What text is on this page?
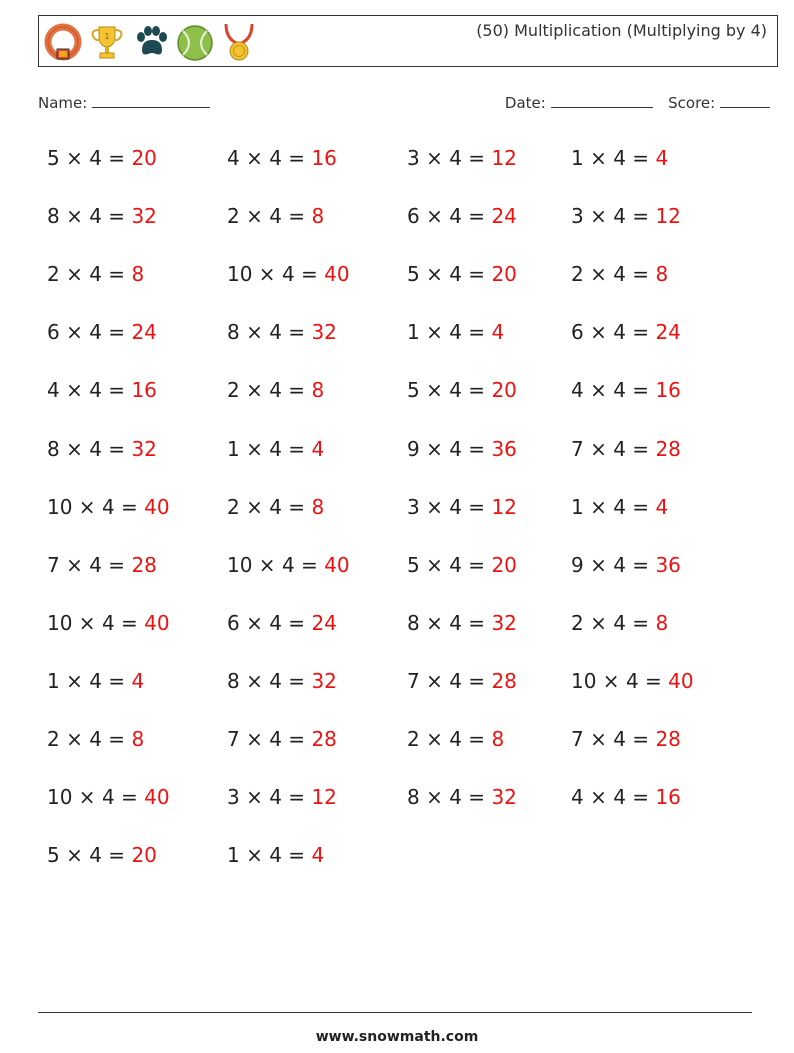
1	(50) Multiplication (Multiplying by 4)
Name:	Date:	Score:
5 × 4 = 20
8 × 4 = 32
2 × 4 = 8
6 × 4 = 24
4 × 4 = 16
8 × 4 = 32
10 × 4 = 40
7 × 4 = 28
10 × 4 = 40
1 × 4 = 4
2 × 4 = 8
10 × 4 = 40
5 × 4 = 20
4 × 4 = 16
2 × 4 = 8
10 × 4 = 40
8 × 4 = 32
2 × 4 = 8
1 × 4 = 4
2 × 4 = 8
10 × 4 = 40
6 × 4 = 24
8 × 4 = 32
7 × 4 = 28
3 × 4 = 12
1 × 4 = 4
3 × 4 = 12
6 × 4 = 24
5 × 4 = 20
1 × 4 = 4
5 × 4 = 20
9 × 4 = 36
3 × 4 = 12
5 × 4 = 20
8 × 4 = 32
7 × 4 = 28
2 × 4 = 8
8 × 4 = 32
1 × 4 = 4
3 × 4 = 12
2 × 4 = 8
6 × 4 = 24
4 × 4 = 16
7 × 4 = 28
1 × 4 = 4
9 × 4 = 36
2 × 4 = 8
10 × 4 = 40
7 × 4 = 28
4 × 4 = 16
www.snowmath.com
